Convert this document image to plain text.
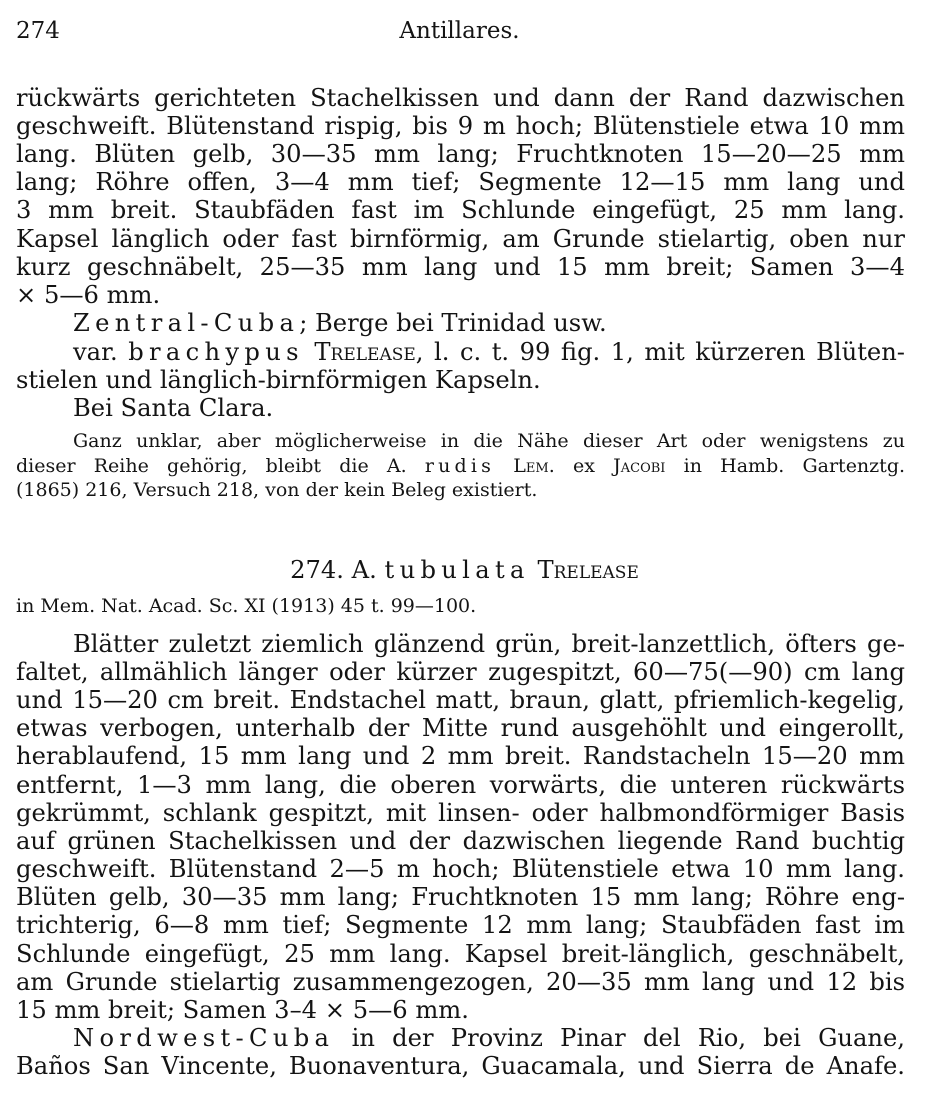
274	Antillares.
rückwärts gerichteten Stachelkissen und dann der Rand dazwischen
geschweift. Blütenstand rispig, bis 9 m hoch; Blütenstiele etwa 10 mm
lang. Blüten gelb, 30—35 mm lang; Fruchtknoten 15—20—25 mm
lang; Röhre offen, 3—4 mm tief; Segmente 12—15 mm lang und
3 mm breit. Staubfäden fast im Schlunde eingefügt, 25 mm lang.
Kapsel länglich oder fast birnförmig, am Grunde stielartig, oben nur
kurz geschnäbelt, 25—35 mm lang und 15 mm breit; Samen 3—4
× 5—6 mm.
Zentral-Cuba; Berge bei Trinidad usw.
var. brachypus Trelease, l. c. t. 99 fig. 1, mit kürzeren Blüten-
stielen und länglich-birnförmigen Kapseln.
Bei Santa Clara.
Ganz unklar, aber möglicherweise in die Nähe dieser Art oder wenigstens zu
dieser Reihe gehörig, bleibt die A. rudis Lem. ex Jacobi in Hamb. Gartenztg.
(1865) 216, Versuch 218, von der kein Beleg existiert.
274. A. tubulata Trelease
in Mem. Nat. Acad. Sc. XI (1913) 45 t. 99—100.
Blätter zuletzt ziemlich glänzend grün, breit-lanzettlich, öfters ge-
faltet, allmählich länger oder kürzer zugespitzt, 60—75(—90) cm lang
und 15—20 cm breit. Endstachel matt, braun, glatt, pfriemlich-kegelig,
etwas verbogen, unterhalb der Mitte rund ausgehöhlt und eingerollt,
herablaufend, 15 mm lang und 2 mm breit. Randstacheln 15—20 mm
entfernt, 1—3 mm lang, die oberen vorwärts, die unteren rückwärts
gekrümmt, schlank gespitzt, mit linsen- oder halbmondförmiger Basis
auf grünen Stachelkissen und der dazwischen liegende Rand buchtig
geschweift. Blütenstand 2—5 m hoch; Blütenstiele etwa 10 mm lang.
Blüten gelb, 30—35 mm lang; Fruchtknoten 15 mm lang; Röhre eng-
trichterig, 6—8 mm tief; Segmente 12 mm lang; Staubfäden fast im
Schlunde eingefügt, 25 mm lang. Kapsel breit-länglich, geschnäbelt,
am Grunde stielartig zusammengezogen, 20—35 mm lang und 12 bis
15 mm breit; Samen 3–4 × 5—6 mm.
Nordwest-Cuba in der Provinz Pinar del Rio, bei Guane,
Baños San Vincente, Buonaventura, Guacamala, und Sierra de Anafe.
